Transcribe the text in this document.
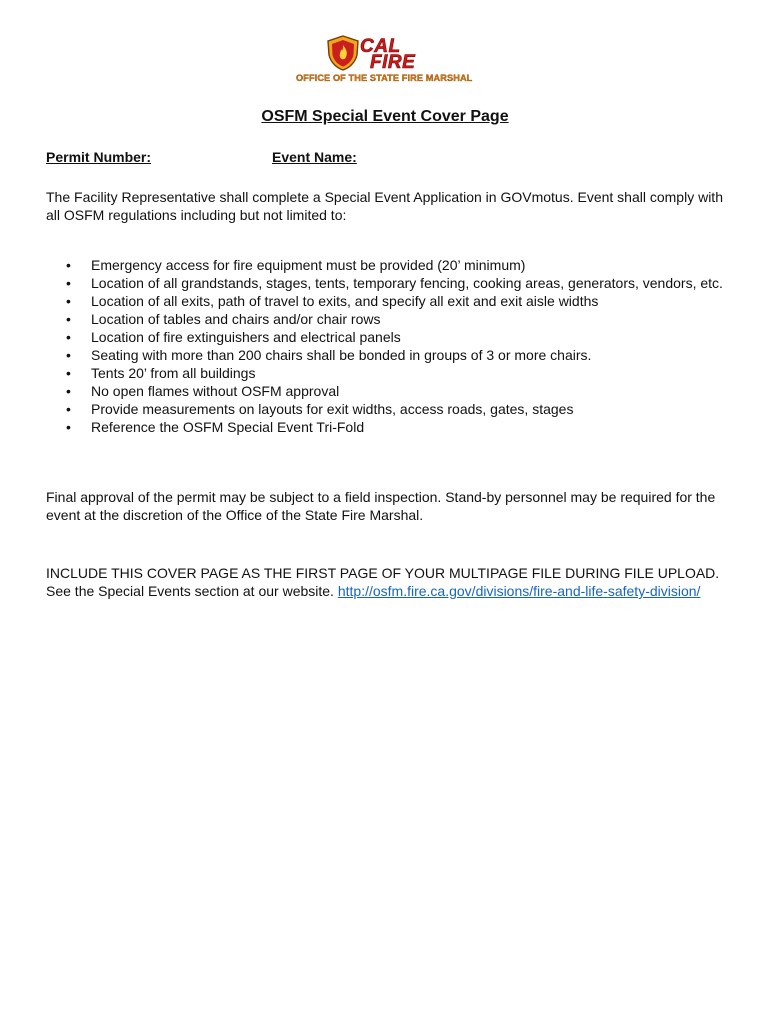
CAL
FIRE
OFFICE OF THE STATE FIRE MARSHAL
OSFM Special Event Cover Page
Permit Number:	Event Name:

The Facility Representative shall complete a Special Event Application in GOVmotus. Event shall comply with all OSFM regulations including but not limited to:

• Emergency access for fire equipment must be provided (20’ minimum)
• Location of all grandstands, stages, tents, temporary fencing, cooking areas, generators, vendors, etc.
• Location of all exits, path of travel to exits, and specify all exit and exit aisle widths
• Location of tables and chairs and/or chair rows
• Location of fire extinguishers and electrical panels
• Seating with more than 200 chairs shall be bonded in groups of 3 or more chairs.
• Tents 20’ from all buildings
• No open flames without OSFM approval
• Provide measurements on layouts for exit widths, access roads, gates, stages
• Reference the OSFM Special Event Tri-Fold

Final approval of the permit may be subject to a field inspection. Stand-by personnel may be required for the event at the discretion of the Office of the State Fire Marshal.

INCLUDE THIS COVER PAGE AS THE FIRST PAGE OF YOUR MULTIPAGE FILE DURING FILE UPLOAD. See the Special Events section at our website. http://osfm.fire.ca.gov/divisions/fire-and-life-safety-division/
